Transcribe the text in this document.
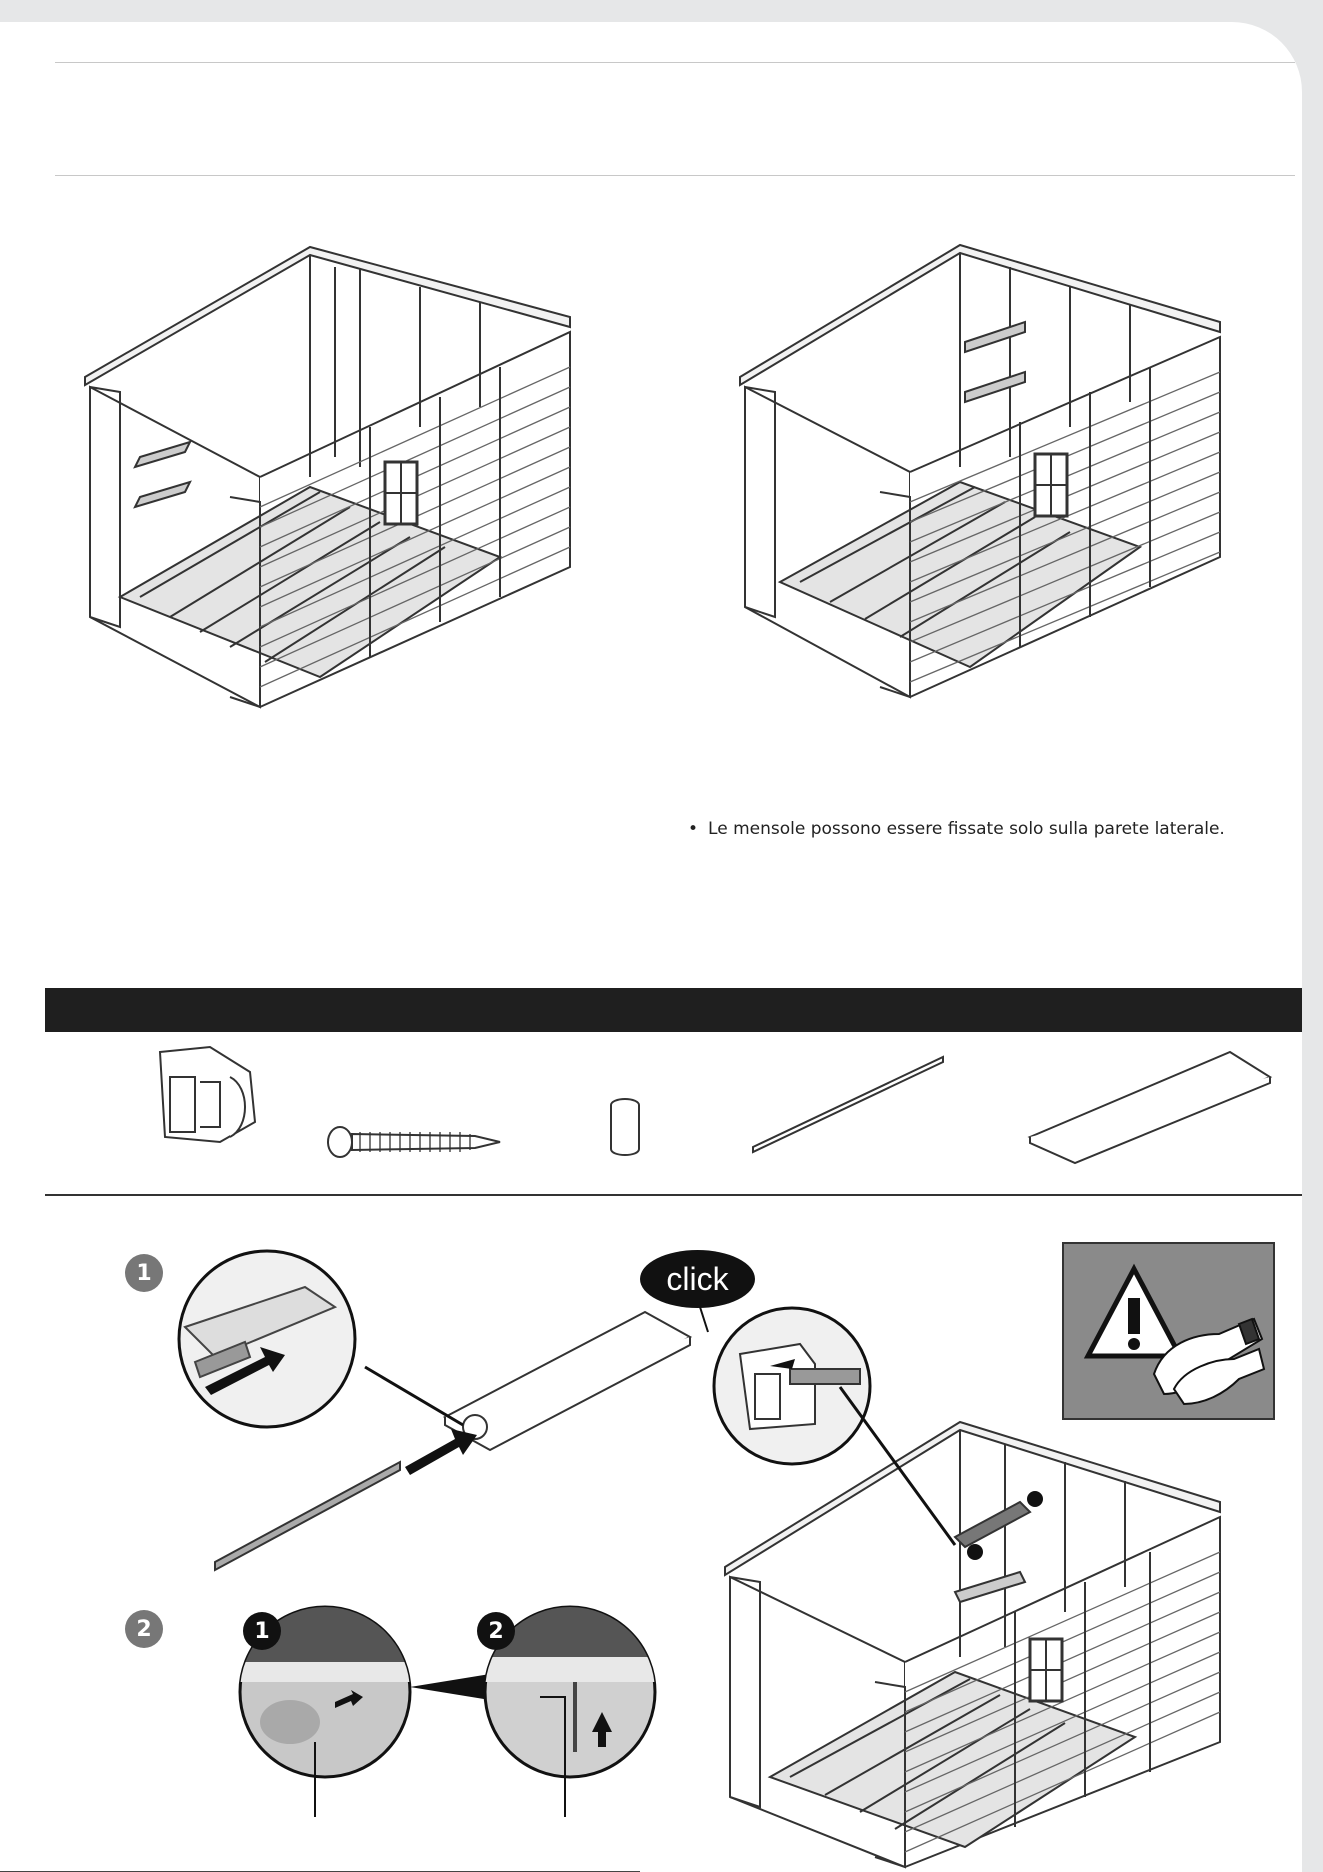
• Le mensole possono essere fissate solo sulla parete laterale.
1	click
2	1	2
